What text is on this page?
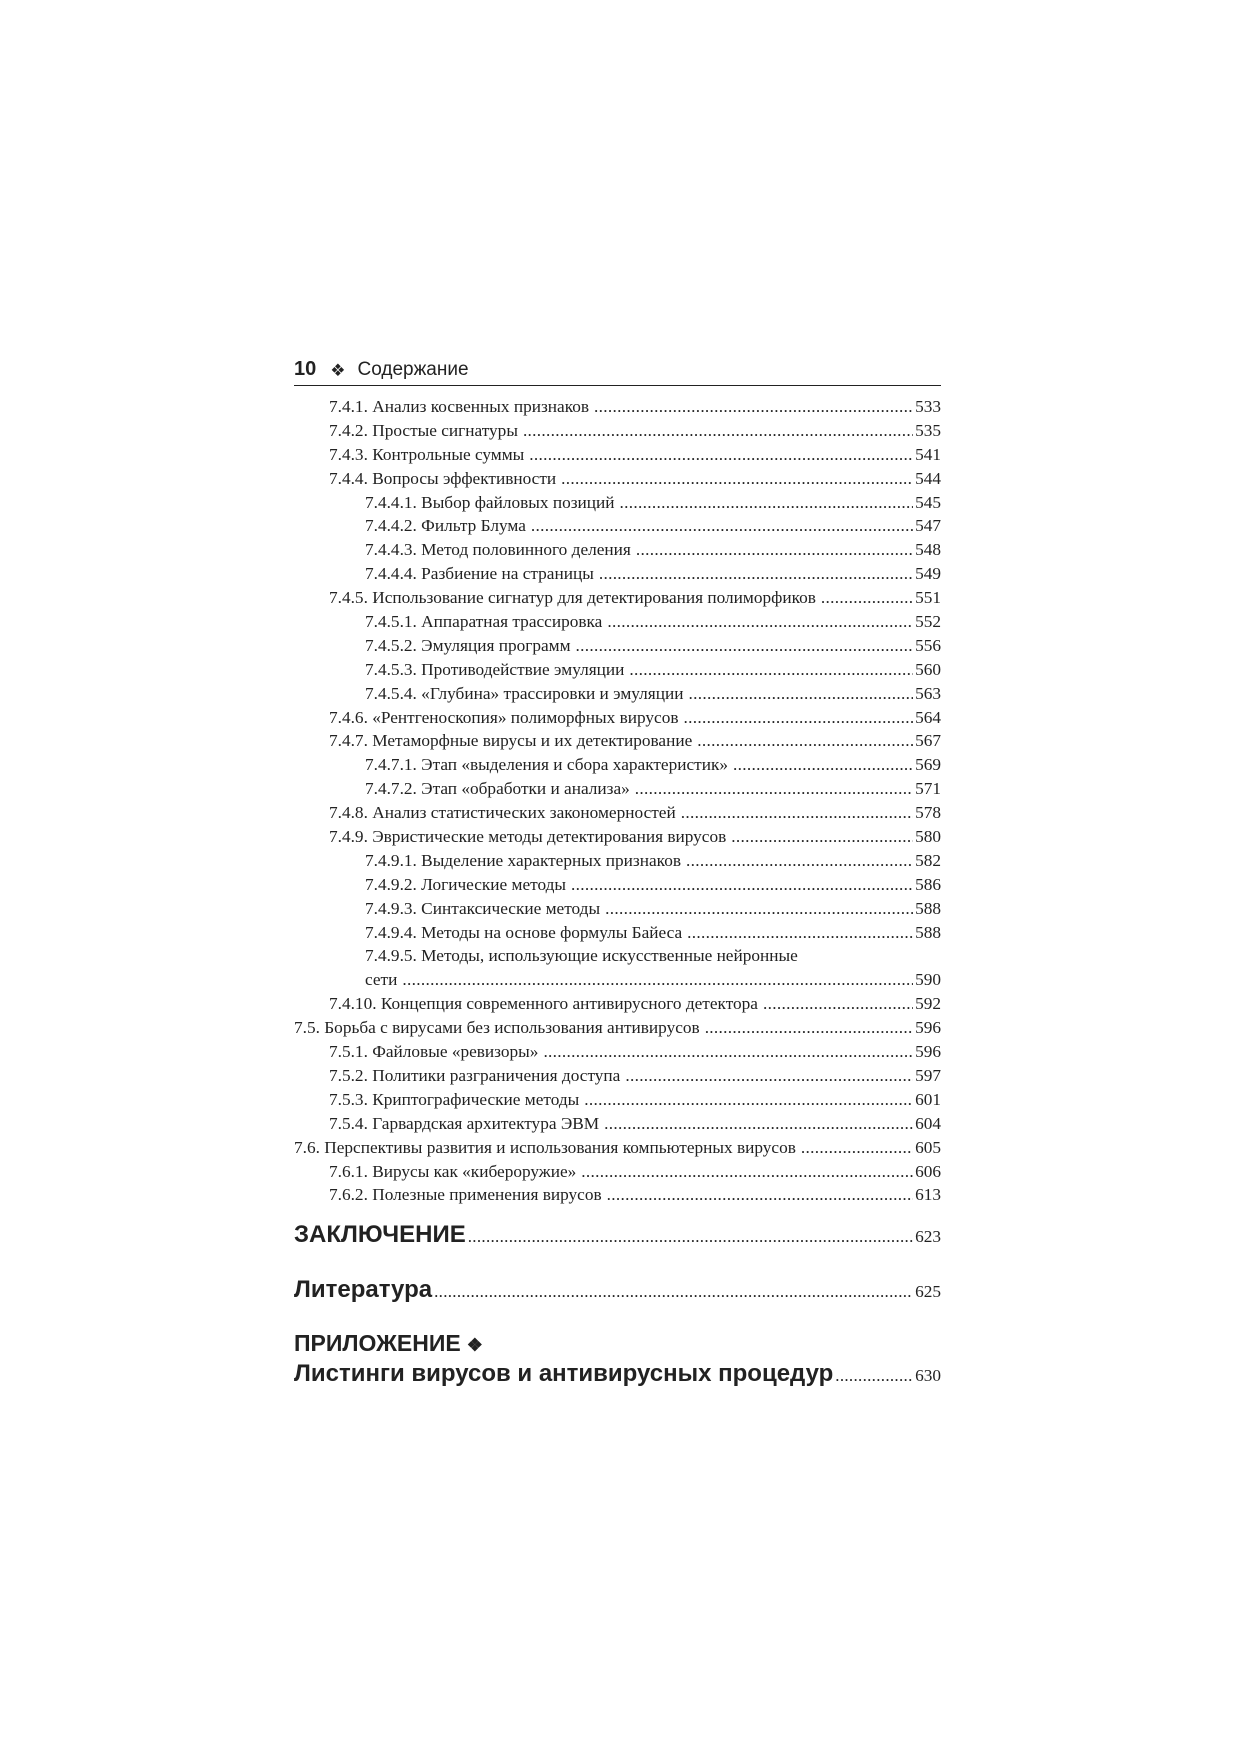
10 ❖ Содержание
7.4.1. Анализ косвенных признаков .....	533
7.4.2. Простые сигнатуры .....	535
7.4.3. Контрольные суммы .....	541
7.4.4. Вопросы эффективности .....	544
7.4.4.1. Выбор файловых позиций .....	545
7.4.4.2. Фильтр Блума .....	547
7.4.4.3. Метод половинного деления .....	548
7.4.4.4. Разбиение на страницы .....	549
7.4.5. Использование сигнатур для детектирования полиморфиков .....	551
7.4.5.1. Аппаратная трассировка .....	552
7.4.5.2. Эмуляция программ .....	556
7.4.5.3. Противодействие эмуляции .....	560
7.4.5.4. «Глубина» трассировки и эмуляции .....	563
7.4.6. «Рентгеноскопия» полиморфных вирусов .....	564
7.4.7. Метаморфные вирусы и их детектирование .....	567
7.4.7.1. Этап «выделения и сбора характеристик» .....	569
7.4.7.2. Этап «обработки и анализа» .....	571
7.4.8. Анализ статистических закономерностей .....	578
7.4.9. Эвристические методы детектирования вирусов .....	580
7.4.9.1. Выделение характерных признаков .....	582
7.4.9.2. Логические методы .....	586
7.4.9.3. Синтаксические методы .....	588
7.4.9.4. Методы на основе формулы Байеса .....	588
7.4.9.5. Методы, использующие искусственные нейронные
сети .....	590
7.4.10. Концепция современного антивирусного детектора .....	592
7.5. Борьба с вирусами без использования антивирусов .....	596
7.5.1. Файловые «ревизоры» .....	596
7.5.2. Политики разграничения доступа .....	597
7.5.3. Криптографические методы .....	601
7.5.4. Гарвардская архитектура ЭВМ .....	604
7.6. Перспективы развития и использования компьютерных вирусов .....	605
7.6.1. Вирусы как «кибероружие» .....	606
7.6.2. Полезные применения вирусов .....	613
ЗАКЛЮЧЕНИЕ .....	623
Литература .....	625
ПРИЛОЖЕНИЕ ❖
Листинги вирусов и антивирусных процедур .....	630
